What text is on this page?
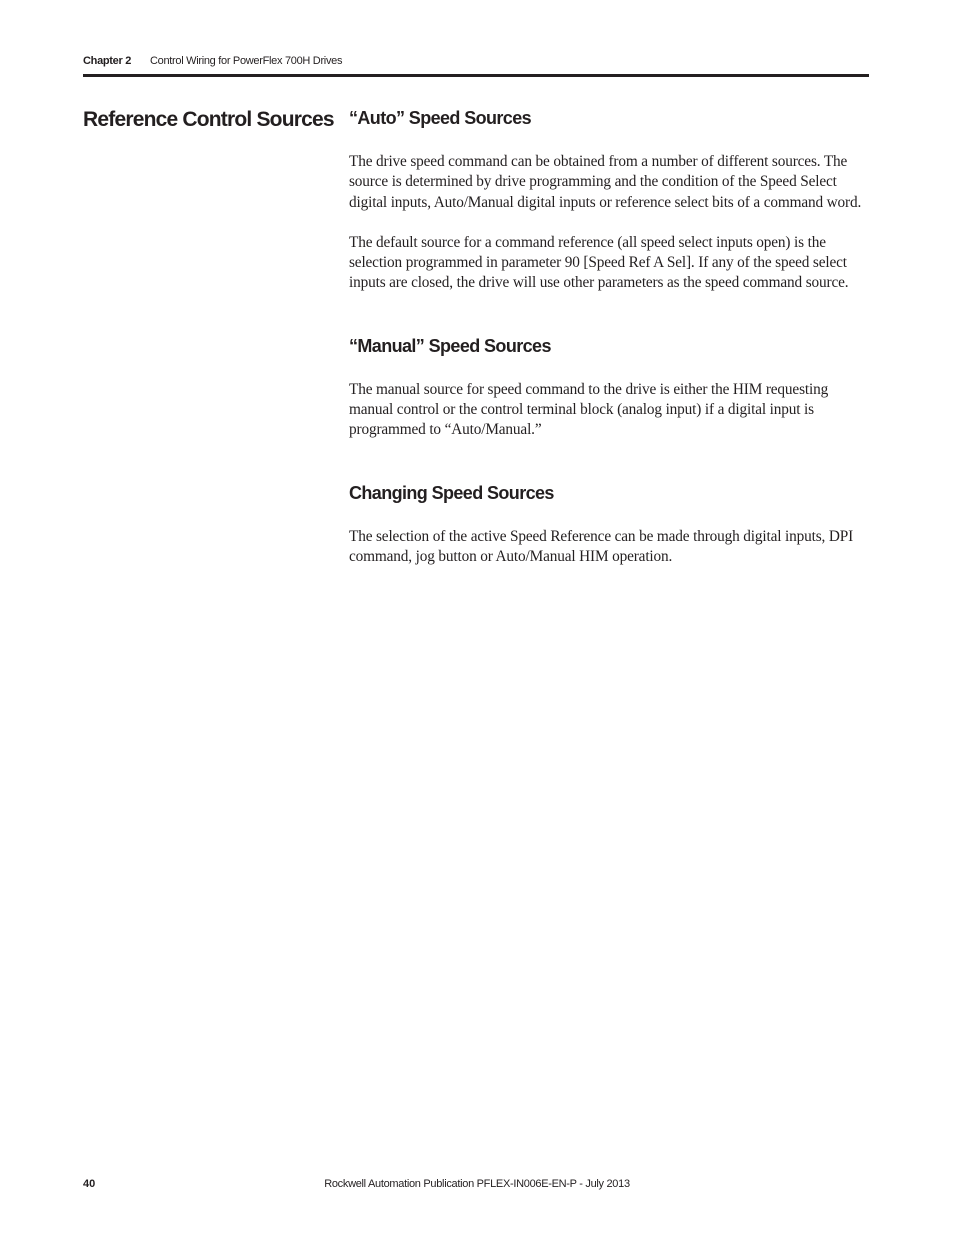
Chapter 2 Control Wiring for PowerFlex 700H Drives
Reference Control Sources “Auto” Speed Sources

The drive speed command can be obtained from a number of different sources. The source is determined by drive programming and the condition of the Speed Select digital inputs, Auto/Manual digital inputs or reference select bits of a command word.

The default source for a command reference (all speed select inputs open) is the selection programmed in parameter 90 [Speed Ref A Sel]. If any of the speed select inputs are closed, the drive will use other parameters as the speed command source.

“Manual” Speed Sources

The manual source for speed command to the drive is either the HIM requesting manual control or the control terminal block (analog input) if a digital input is programmed to “Auto/Manual.”

Changing Speed Sources

The selection of the active Speed Reference can be made through digital inputs, DPI command, jog button or Auto/Manual HIM operation.

40	Rockwell Automation Publication PFLEX-IN006E-EN-P - July 2013
